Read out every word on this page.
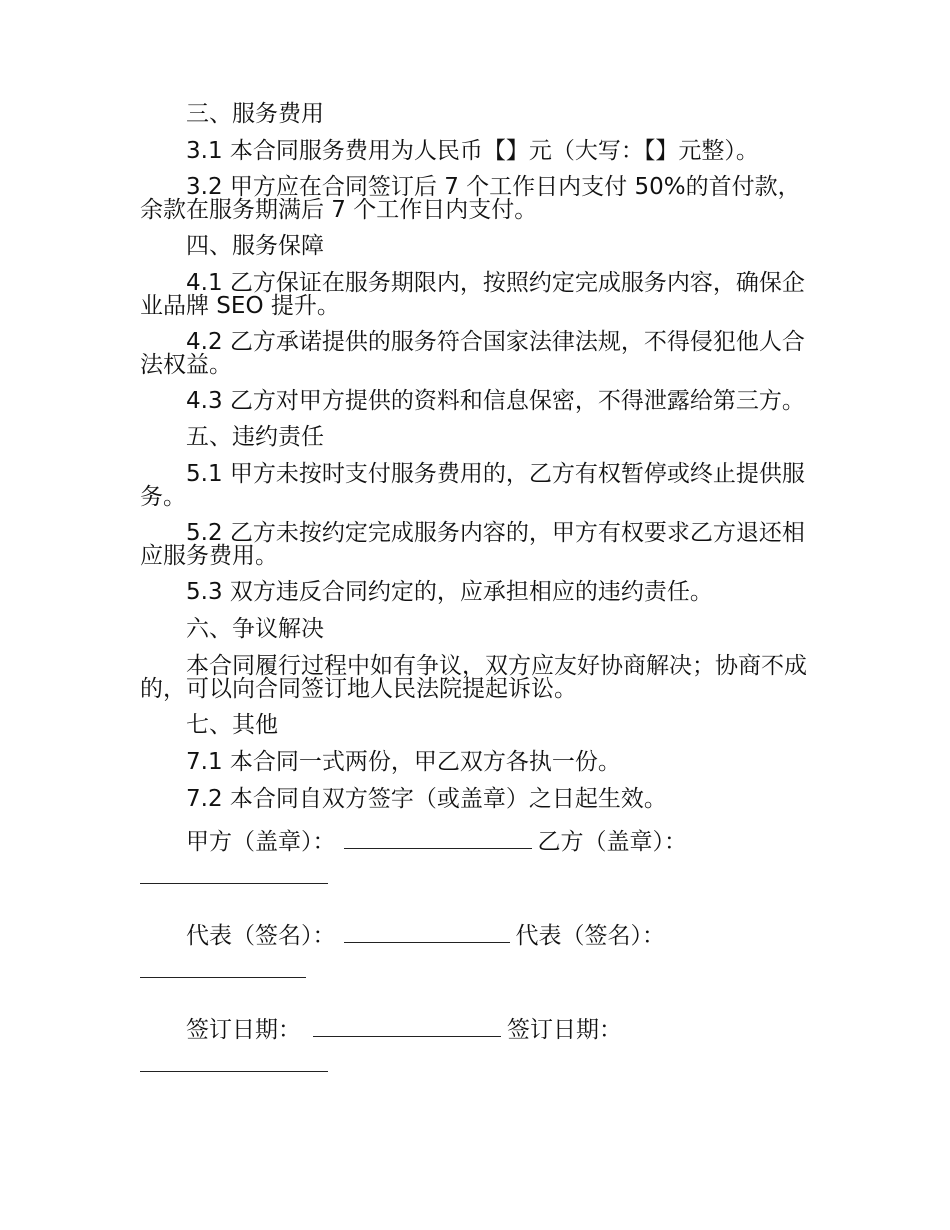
三、服务费用
3.1 本合同服务费用为人民币【】元（大写：【】元整）。
3.2 甲方应在合同签订后 7 个工作日内支付 50%的首付款，余款在服务期满后 7 个工作日内支付。
四、服务保障
4.1 乙方保证在服务期限内，按照约定完成服务内容，确保企业品牌 SEO 提升。
4.2 乙方承诺提供的服务符合国家法律法规，不得侵犯他人合法权益。
4.3 乙方对甲方提供的资料和信息保密，不得泄露给第三方。
五、违约责任
5.1 甲方未按时支付服务费用的，乙方有权暂停或终止提供服务。
5.2 乙方未按约定完成服务内容的，甲方有权要求乙方退还相应服务费用。
5.3 双方违反合同约定的，应承担相应的违约责任。
六、争议解决
本合同履行过程中如有争议，双方应友好协商解决；协商不成的，可以向合同签订地人民法院提起诉讼。
七、其他
7.1 本合同一式两份，甲乙双方各执一份。
7.2 本合同自双方签字（或盖章）之日起生效。
甲方（盖章）：	乙方（盖章）：
代表（签名）：	代表（签名）：
签订日期：	签订日期：
